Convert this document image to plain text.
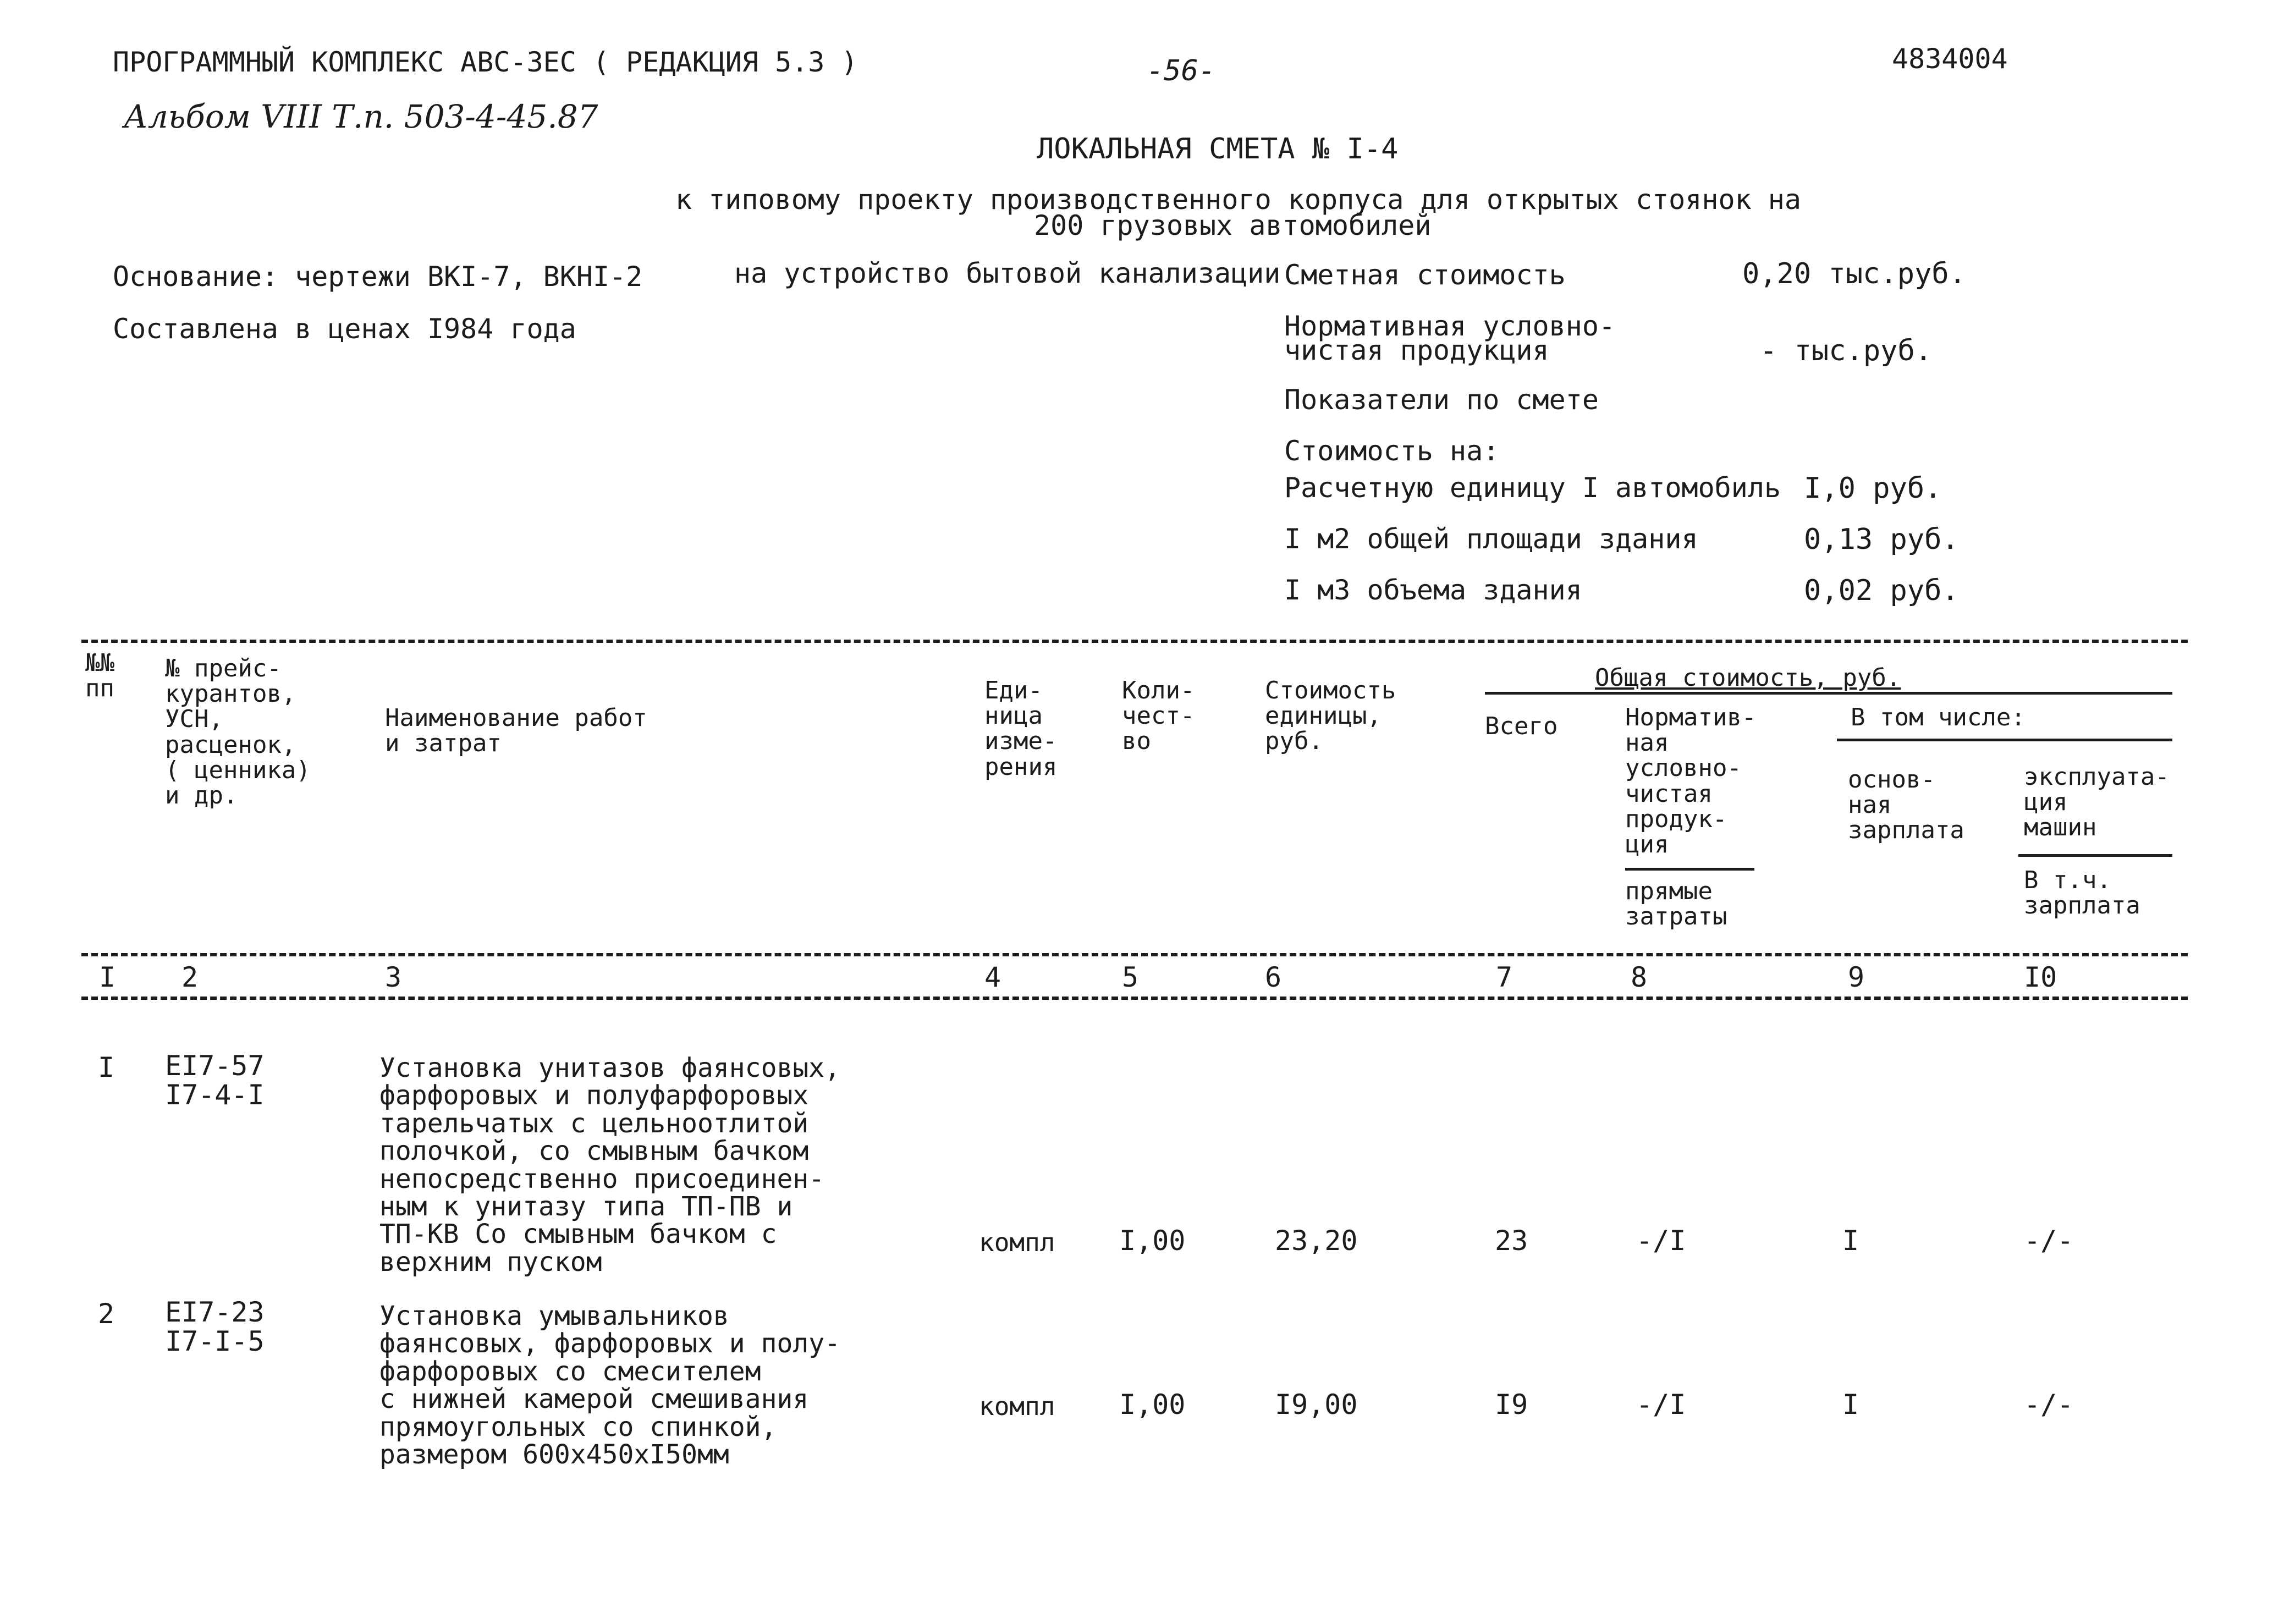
ПРОГРАММНЫЙ КОМПЛЕКС АВС-ЗЕС ( РЕДАКЦИЯ 5.3 )	-56-	4834004
Альбом VIII Т.п. 503-4-45.87
ЛОКАЛЬНАЯ СМЕТА № I-4
к типовому проекту производственного корпуса для открытых стоянок на
200 грузовых автомобилей
Основание: чертежи ВКI-7, ВКНI-2	на устройство бытовой канализации
Составлена в ценах I984 года
Сметная стоимость	0,20 тыс.руб.
Нормативная условно-
чистая продукция	- тыс.руб.
Показатели по смете
Стоимость на:
Расчетную единицу I автомобиль I,0 руб.
I м2 общей площади здания	0,13 руб.
I м3 объема здания	0,02 руб.
№№
пп
№ прейс-
курантов,
УСН,
расценок,
( ценника)
и др.
Наименование работ
и затрат
Еди-
ница
изме-
рения
Коли-
чест-
во
Стоимость
единицы,
руб.
Общая стоимость, руб.
Всего	Норматив-
ная
условно-
чистая
продук-
ция
прямые
затраты
В том числе:
основ-
ная
зарплата
эксплуата-
ция
машин
В т.ч.
зарплата
I 2	3	4	5	6	7	8	9	I0
I ЕI7-57
I7-4-I
Установка унитазов фаянсовых,
фарфоровых и полуфарфоровых
тарельчатых с цельноотлитой
полочкой, со смывным бачком
непосредственно присоединен-
ным к унитазу типа ТП-ПВ и
ТП-КВ Со смывным бачком с
верхним пуском
компл I,00	23,20	23	-/I	I	-/-
2 ЕI7-23
I7-I-5
Установка умывальников
фаянсовых, фарфоровых и полу-
фарфоровых со смесителем
с нижней камерой смешивания
прямоугольных со спинкой,
размером 600х450хI50мм
компл I,00	I9,00	I9	-/I	I	-/-
